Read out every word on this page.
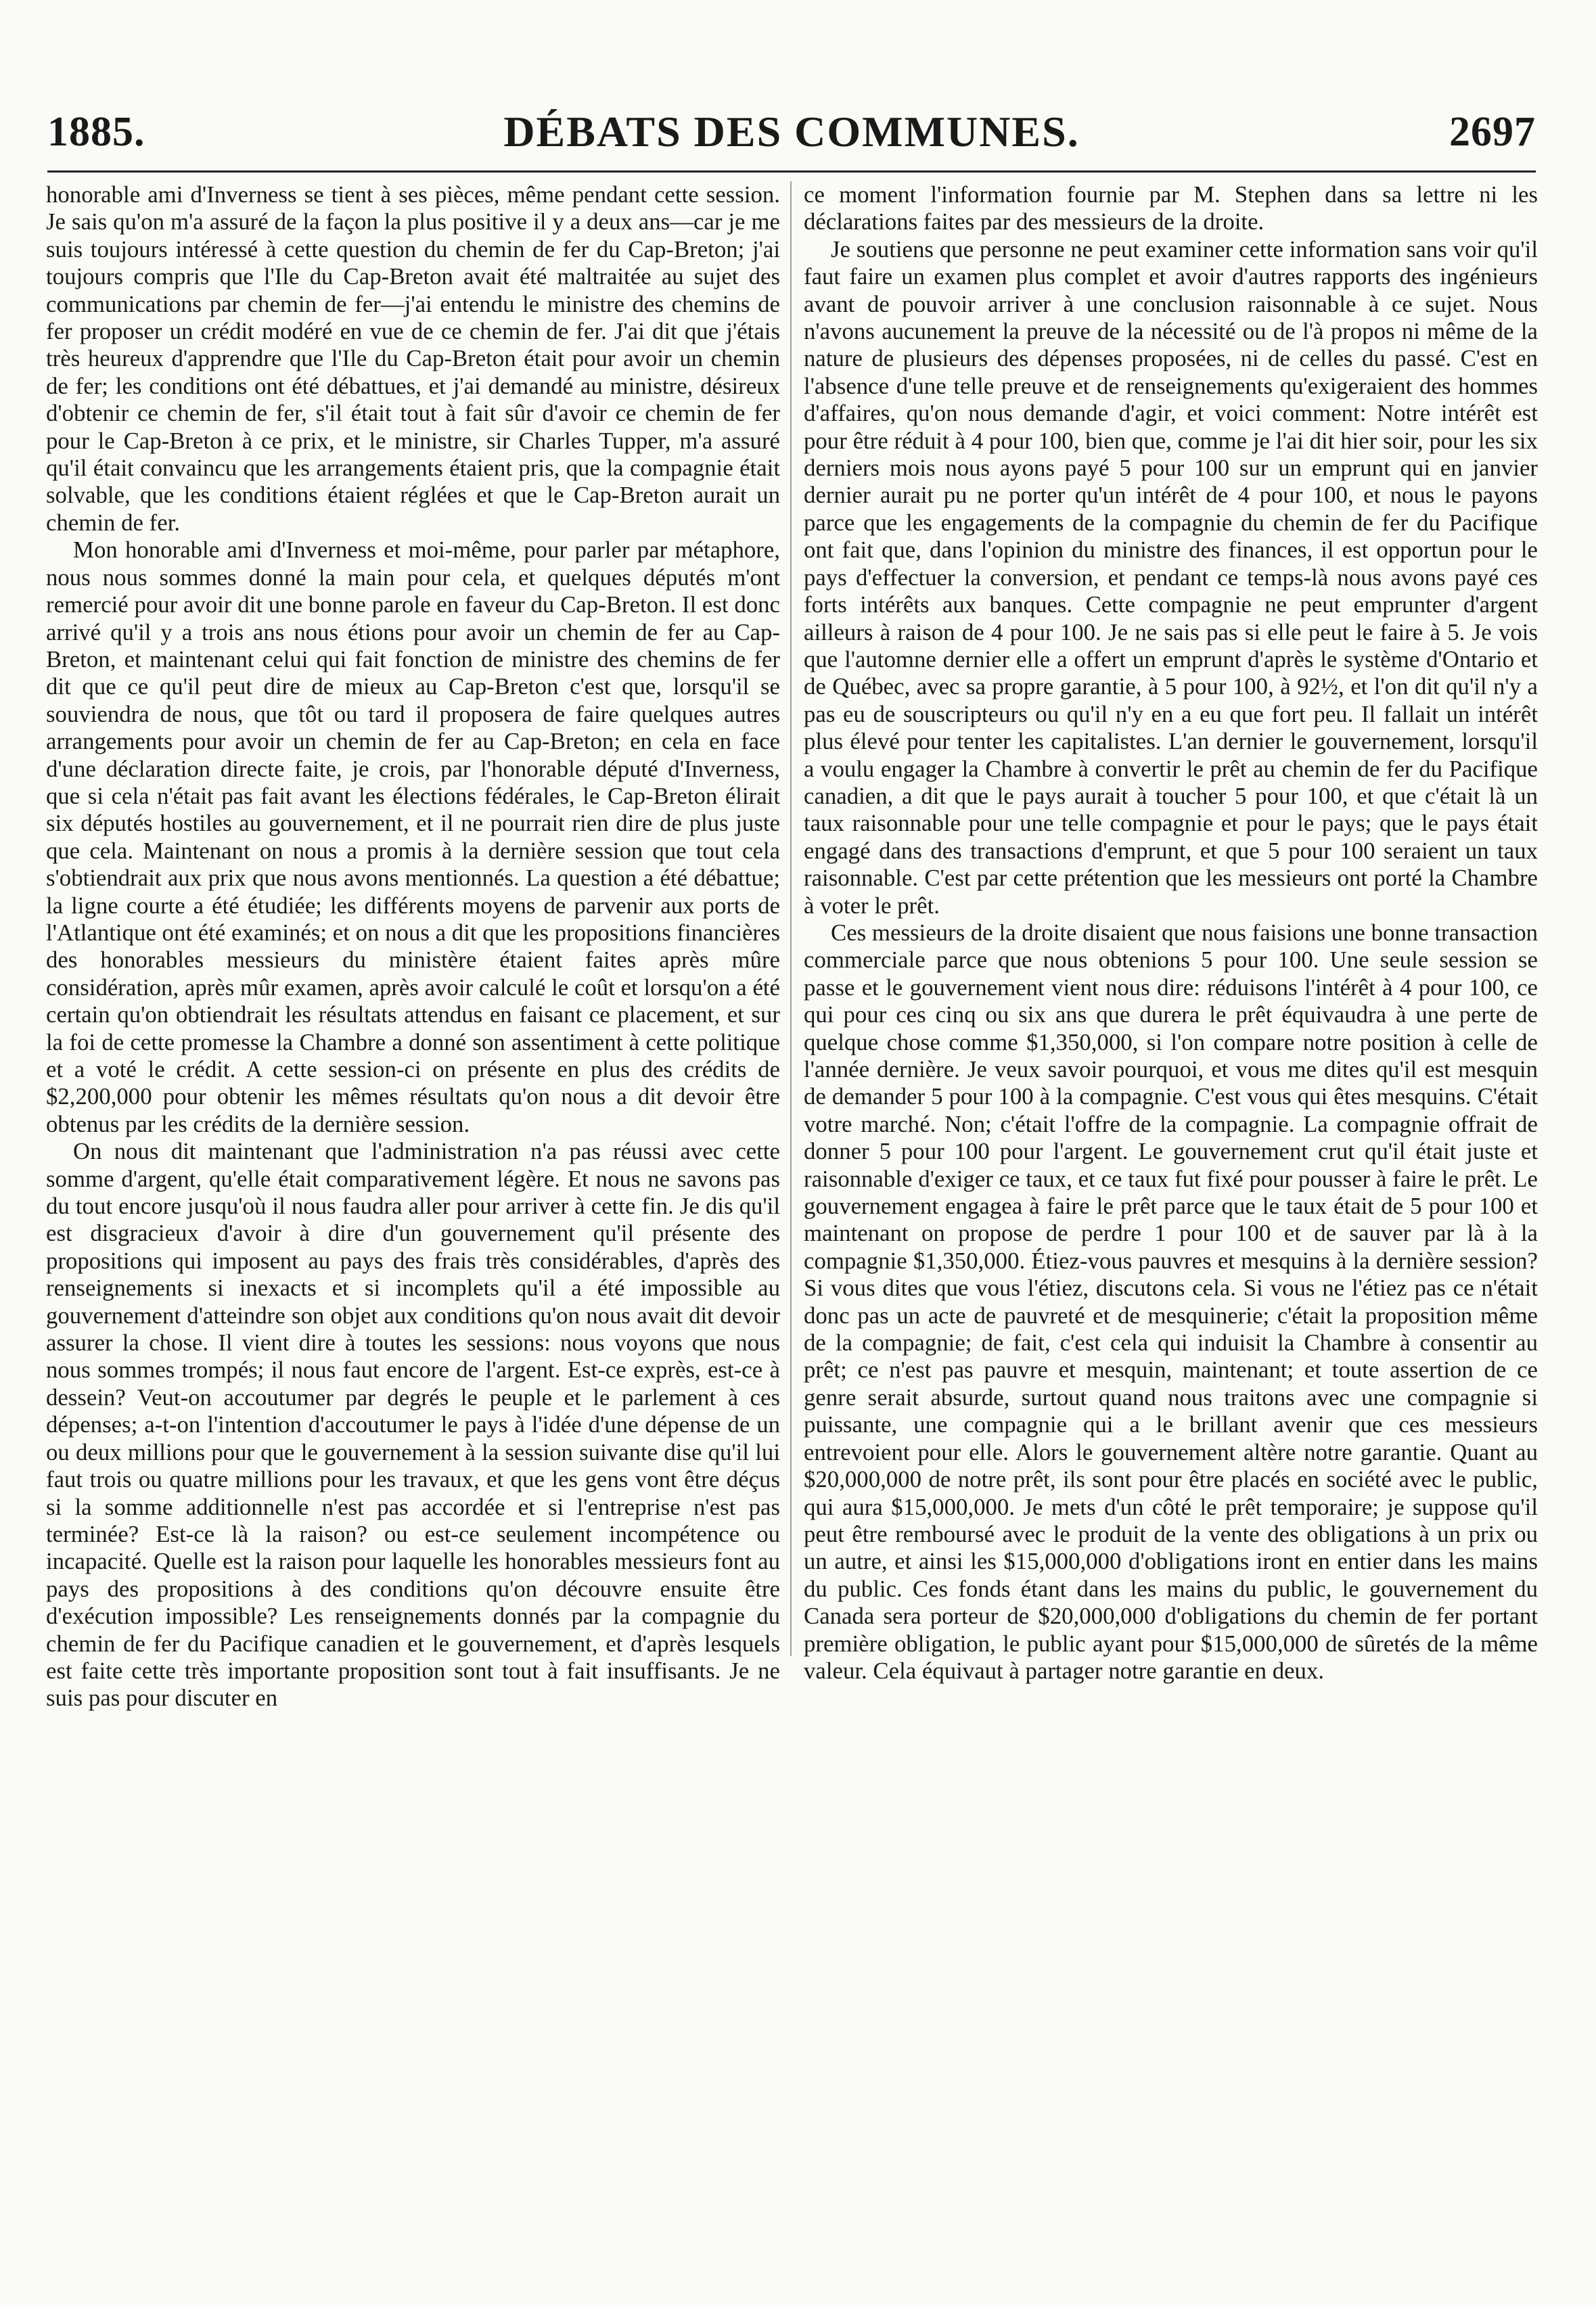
1885.	DÉBATS DES COMMUNES.	2697

honorable ami d'Inverness se tient à ses pièces, même pendant cette session. Je sais qu'on m'a assuré de la façon la plus positive il y a deux ans—car je me suis toujours intéressé à cette question du chemin de fer du Cap-Breton; j'ai toujours compris que l'Ile du Cap-Breton avait été maltraitée au sujet des communications par chemin de fer—j'ai entendu le ministre des chemins de fer proposer un crédit modéré en vue de ce chemin de fer. J'ai dit que j'étais très heureux d'apprendre que l'Ile du Cap-Breton était pour avoir un chemin de fer; les conditions ont été débattues, et j'ai demandé au ministre, désireux d'obtenir ce chemin de fer, s'il était tout à fait sûr d'avoir ce chemin de fer pour le Cap-Breton à ce prix, et le ministre, sir Charles Tupper, m'a assuré qu'il était convaincu que les arrangements étaient pris, que la compagnie était solvable, que les conditions étaient réglées et que le Cap-Breton aurait un chemin de fer.

Mon honorable ami d'Inverness et moi-même, pour parler par métaphore, nous nous sommes donné la main pour cela, et quelques députés m'ont remercié pour avoir dit une bonne parole en faveur du Cap-Breton. Il est donc arrivé qu'il y a trois ans nous étions pour avoir un chemin de fer au Cap-Breton, et maintenant celui qui fait fonction de ministre des chemins de fer dit que ce qu'il peut dire de mieux au Cap-Breton c'est que, lorsqu'il se souviendra de nous, que tôt ou tard il proposera de faire quelques autres arrangements pour avoir un chemin de fer au Cap-Breton; en cela en face d'une déclaration directe faite, je crois, par l'honorable député d'Inverness, que si cela n'était pas fait avant les élections fédérales, le Cap-Breton élirait six députés hostiles au gouvernement, et il ne pourrait rien dire de plus juste que cela. Maintenant on nous a promis à la dernière session que tout cela s'obtiendrait aux prix que nous avons mentionnés. La question a été débattue; la ligne courte a été étudiée; les différents moyens de parvenir aux ports de l'Atlantique ont été examinés; et on nous a dit que les propositions financières des honorables messieurs du ministère étaient faites après mûre considération, après mûr examen, après avoir calculé le coût et lorsqu'on a été certain qu'on obtiendrait les résultats attendus en faisant ce placement, et sur la foi de cette promesse la Chambre a donné son assentiment à cette politique et a voté le crédit. A cette session-ci on présente en plus des crédits de $2,200,000 pour obtenir les mêmes résultats qu'on nous a dit devoir être obtenus par les crédits de la dernière session.

On nous dit maintenant que l'administration n'a pas réussi avec cette somme d'argent, qu'elle était comparativement légère. Et nous ne savons pas du tout encore jusqu'où il nous faudra aller pour arriver à cette fin. Je dis qu'il est disgracieux d'avoir à dire d'un gouvernement qu'il présente des propositions qui imposent au pays des frais très considérables, d'après des renseignements si inexacts et si incomplets qu'il a été impossible au gouvernement d'atteindre son objet aux conditions qu'on nous avait dit devoir assurer la chose. Il vient dire à toutes les sessions: nous voyons que nous nous sommes trompés; il nous faut encore de l'argent. Est-ce exprès, est-ce à dessein? Veut-on accoutumer par degrés le peuple et le parlement à ces dépenses; a-t-on l'intention d'accoutumer le pays à l'idée d'une dépense de un ou deux millions pour que le gouvernement à la session suivante dise qu'il lui faut trois ou quatre millions pour les travaux, et que les gens vont être déçus si la somme additionnelle n'est pas accordée et si l'entreprise n'est pas terminée? Est-ce là la raison? ou est-ce seulement incompétence ou incapacité. Quelle est la raison pour laquelle les honorables messieurs font au pays des propositions à des conditions qu'on découvre ensuite être d'exécution impossible? Les renseignements donnés par la compagnie du chemin de fer du Pacifique canadien et le gouvernement, et d'après lesquels est faite cette très importante proposition sont tout à fait insuffisants. Je ne suis pas pour discuter en

ce moment l'information fournie par M. Stephen dans sa lettre ni les déclarations faites par des messieurs de la droite.

Je soutiens que personne ne peut examiner cette information sans voir qu'il faut faire un examen plus complet et avoir d'autres rapports des ingénieurs avant de pouvoir arriver à une conclusion raisonnable à ce sujet. Nous n'avons aucunement la preuve de la nécessité ou de l'à propos ni même de la nature de plusieurs des dépenses proposées, ni de celles du passé. C'est en l'absence d'une telle preuve et de renseignements qu'exigeraient des hommes d'affaires, qu'on nous demande d'agir, et voici comment: Notre intérêt est pour être réduit à 4 pour 100, bien que, comme je l'ai dit hier soir, pour les six derniers mois nous ayons payé 5 pour 100 sur un emprunt qui en janvier dernier aurait pu ne porter qu'un intérêt de 4 pour 100, et nous le payons parce que les engagements de la compagnie du chemin de fer du Pacifique ont fait que, dans l'opinion du ministre des finances, il est opportun pour le pays d'effectuer la conversion, et pendant ce temps-là nous avons payé ces forts intérêts aux banques. Cette compagnie ne peut emprunter d'argent ailleurs à raison de 4 pour 100. Je ne sais pas si elle peut le faire à 5. Je vois que l'automne dernier elle a offert un emprunt d'après le système d'Ontario et de Québec, avec sa propre garantie, à 5 pour 100, à 92½, et l'on dit qu'il n'y a pas eu de souscripteurs ou qu'il n'y en a eu que fort peu. Il fallait un intérêt plus élevé pour tenter les capitalistes. L'an dernier le gouvernement, lorsqu'il a voulu engager la Chambre à convertir le prêt au chemin de fer du Pacifique canadien, a dit que le pays aurait à toucher 5 pour 100, et que c'était là un taux raisonnable pour une telle compagnie et pour le pays; que le pays était engagé dans des transactions d'emprunt, et que 5 pour 100 seraient un taux raisonnable. C'est par cette prétention que les messieurs ont porté la Chambre à voter le prêt.

Ces messieurs de la droite disaient que nous faisions une bonne transaction commerciale parce que nous obtenions 5 pour 100. Une seule session se passe et le gouvernement vient nous dire: réduisons l'intérêt à 4 pour 100, ce qui pour ces cinq ou six ans que durera le prêt équivaudra à une perte de quelque chose comme $1,350,000, si l'on compare notre position à celle de l'année dernière. Je veux savoir pourquoi, et vous me dites qu'il est mesquin de demander 5 pour 100 à la compagnie. C'est vous qui êtes mesquins. C'était votre marché. Non; c'était l'offre de la compagnie. La compagnie offrait de donner 5 pour 100 pour l'argent. Le gouvernement crut qu'il était juste et raisonnable d'exiger ce taux, et ce taux fut fixé pour pousser à faire le prêt. Le gouvernement engagea à faire le prêt parce que le taux était de 5 pour 100 et maintenant on propose de perdre 1 pour 100 et de sauver par là à la compagnie $1,350,000. Étiez-vous pauvres et mesquins à la dernière session? Si vous dites que vous l'étiez, discutons cela. Si vous ne l'étiez pas ce n'était donc pas un acte de pauvreté et de mesquinerie; c'était la proposition même de la compagnie; de fait, c'est cela qui induisit la Chambre à consentir au prêt; ce n'est pas pauvre et mesquin, maintenant; et toute assertion de ce genre serait absurde, surtout quand nous traitons avec une compagnie si puissante, une compagnie qui a le brillant avenir que ces messieurs entrevoient pour elle. Alors le gouvernement altère notre garantie. Quant au $20,000,000 de notre prêt, ils sont pour être placés en société avec le public, qui aura $15,000,000. Je mets d'un côté le prêt temporaire; je suppose qu'il peut être remboursé avec le produit de la vente des obligations à un prix ou un autre, et ainsi les $15,000,000 d'obligations iront en entier dans les mains du public. Ces fonds étant dans les mains du public, le gouvernement du Canada sera porteur de $20,000,000 d'obligations du chemin de fer portant première obligation, le public ayant pour $15,000,000 de sûretés de la même valeur. Cela équivaut à partager notre garantie en deux.
